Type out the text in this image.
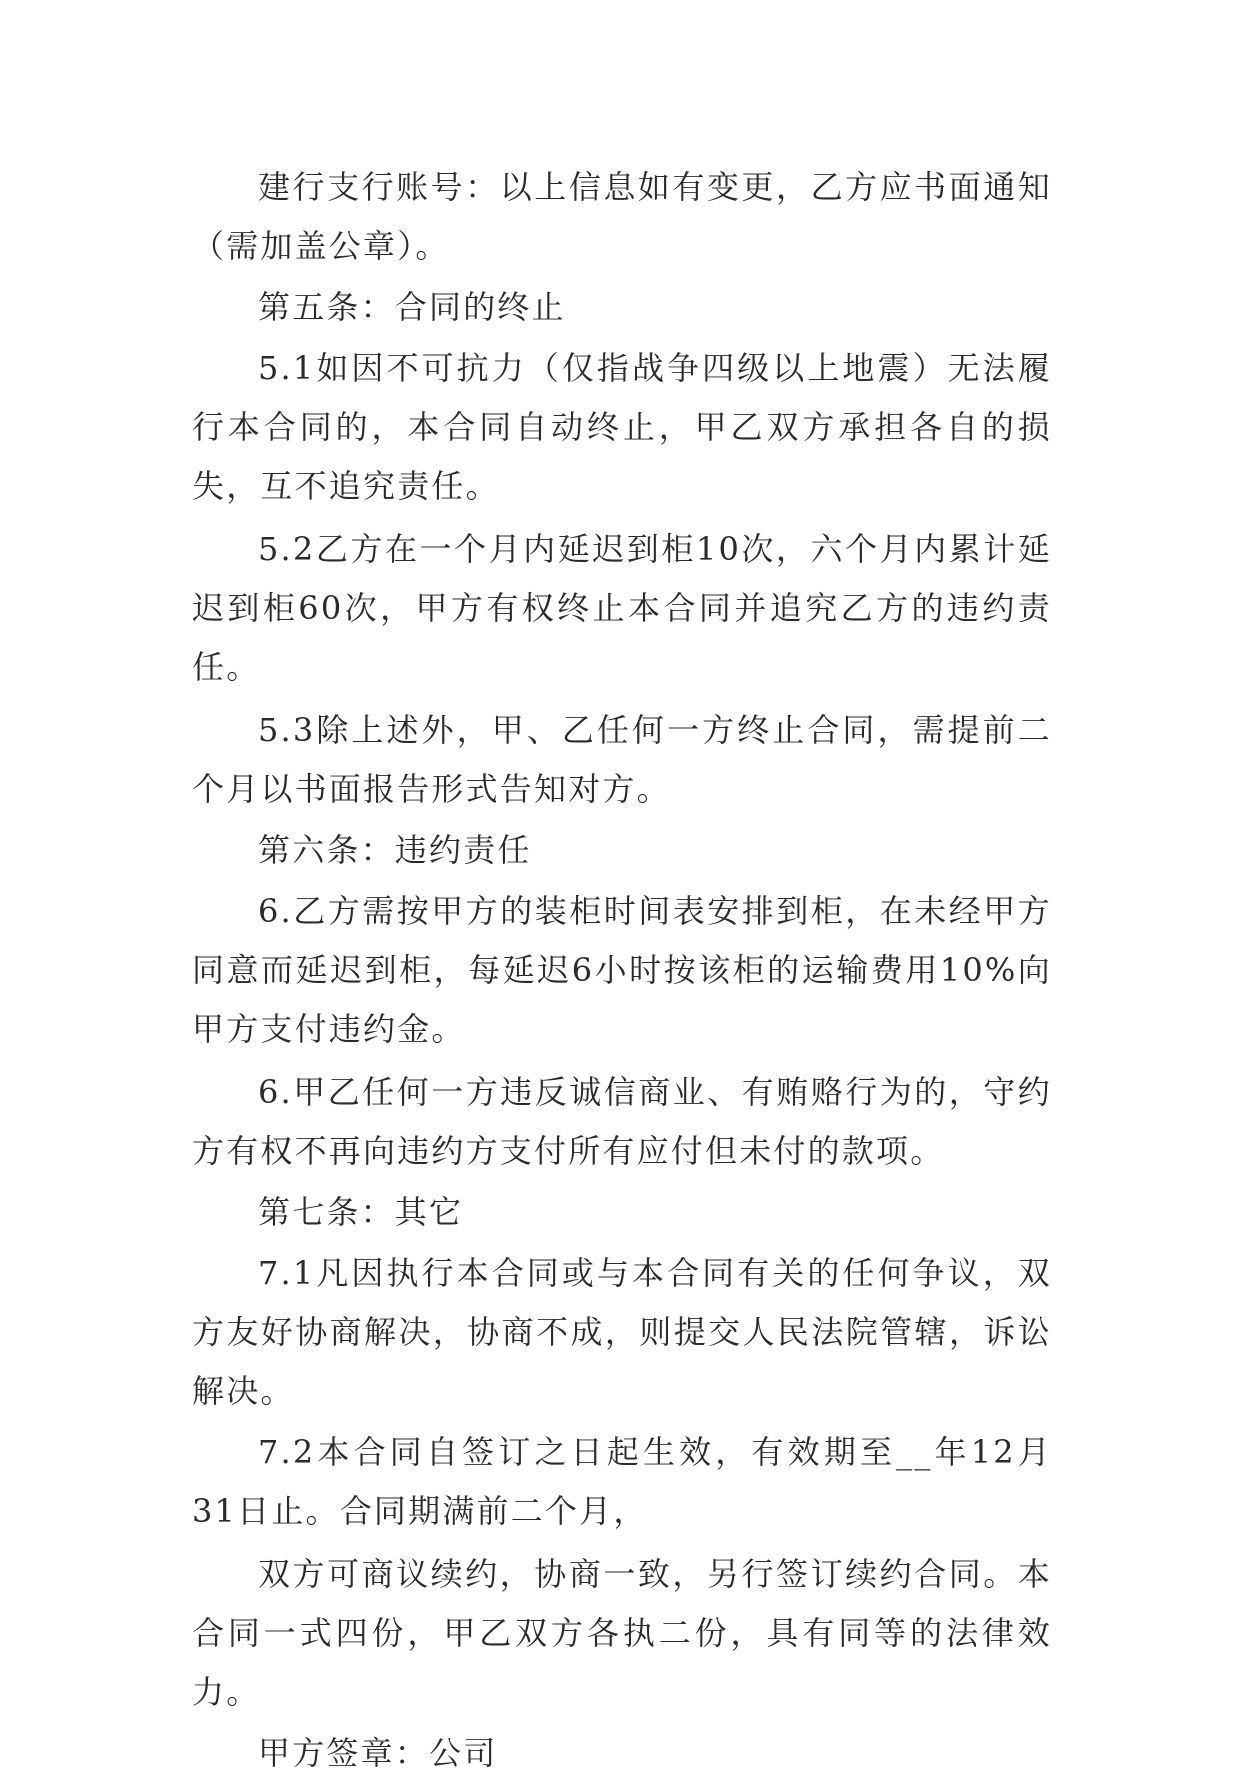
建行支行账号：以上信息如有变更，乙方应书面通知（需加盖公章）。

第五条：合同的终止

5.1如因不可抗力（仅指战争四级以上地震）无法履行本合同的，本合同自动终止，甲乙双方承担各自的损失，互不追究责任。

5.2乙方在一个月内延迟到柜10次，六个月内累计延迟到柜60次，甲方有权终止本合同并追究乙方的违约责任。

5.3除上述外，甲、乙任何一方终止合同，需提前二个月以书面报告形式告知对方。

第六条：违约责任

6.乙方需按甲方的装柜时间表安排到柜，在未经甲方同意而延迟到柜，每延迟6小时按该柜的运输费用10%向甲方支付违约金。

6.甲乙任何一方违反诚信商业、有贿赂行为的，守约方有权不再向违约方支付所有应付但未付的款项。

第七条：其它

7.1凡因执行本合同或与本合同有关的任何争议，双方友好协商解决，协商不成，则提交人民法院管辖，诉讼解决。

7.2本合同自签订之日起生效，有效期至__年12月31日止。合同期满前二个月，

双方可商议续约，协商一致，另行签订续约合同。本合同一式四份，甲乙双方各执二份，具有同等的法律效力。

甲方签章：公司
